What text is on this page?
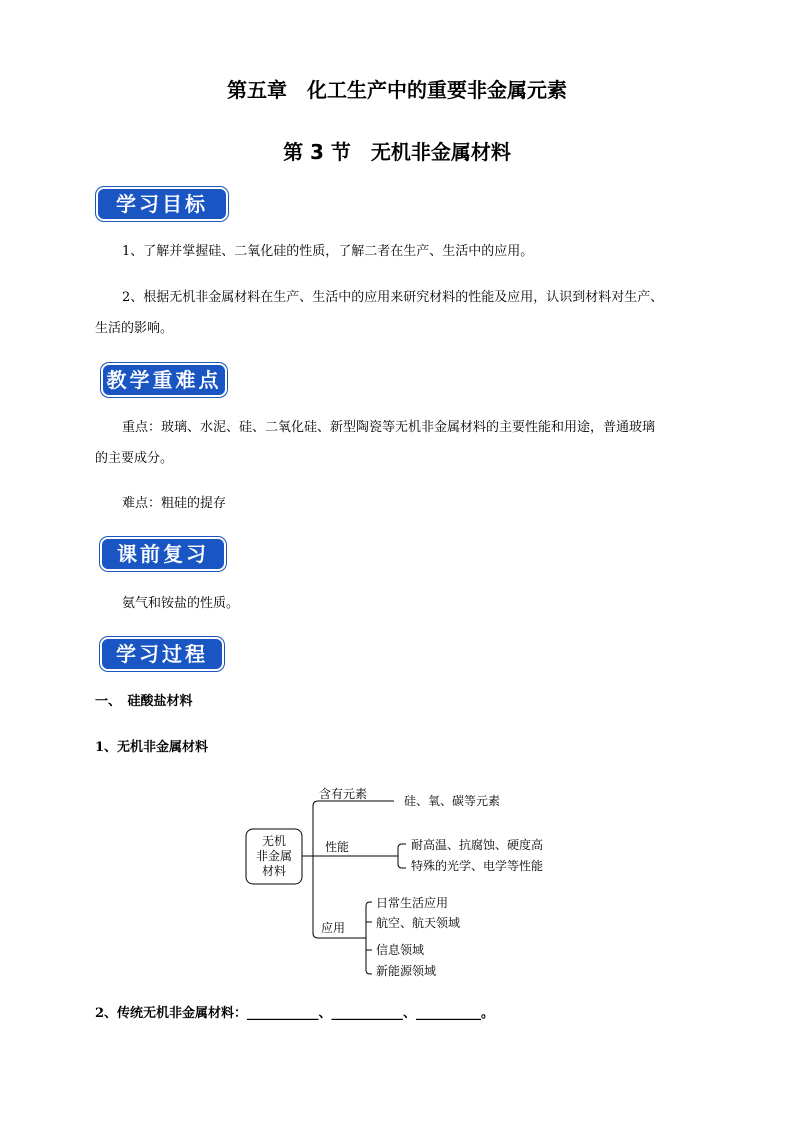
第五章　化工生产中的重要非金属元素
第 3 节　无机非金属材料
学习目标
1、了解并掌握硅、二氧化硅的性质，了解二者在生产、生活中的应用。
2、根据无机非金属材料在生产、生活中的应用来研究材料的性能及应用，认识到材料对生产、
生活的影响。
教学重难点
重点：玻璃、水泥、硅、二氧化硅、新型陶瓷等无机非金属材料的主要性能和用途，普通玻璃
的主要成分。
难点：粗硅的提存
课前复习
氨气和铵盐的性质。
学习过程
一、　硅酸盐材料
1、无机非金属材料
无机
非金属
材料
含有元素	硅、氧、碳等元素
性能	耐高温、抗腐蚀、硬度高
特殊的光学、电学等性能
应用
日常生活应用
航空、航天领域
信息领域
新能源领域
2、传统无机非金属材料：___________、___________、__________。
